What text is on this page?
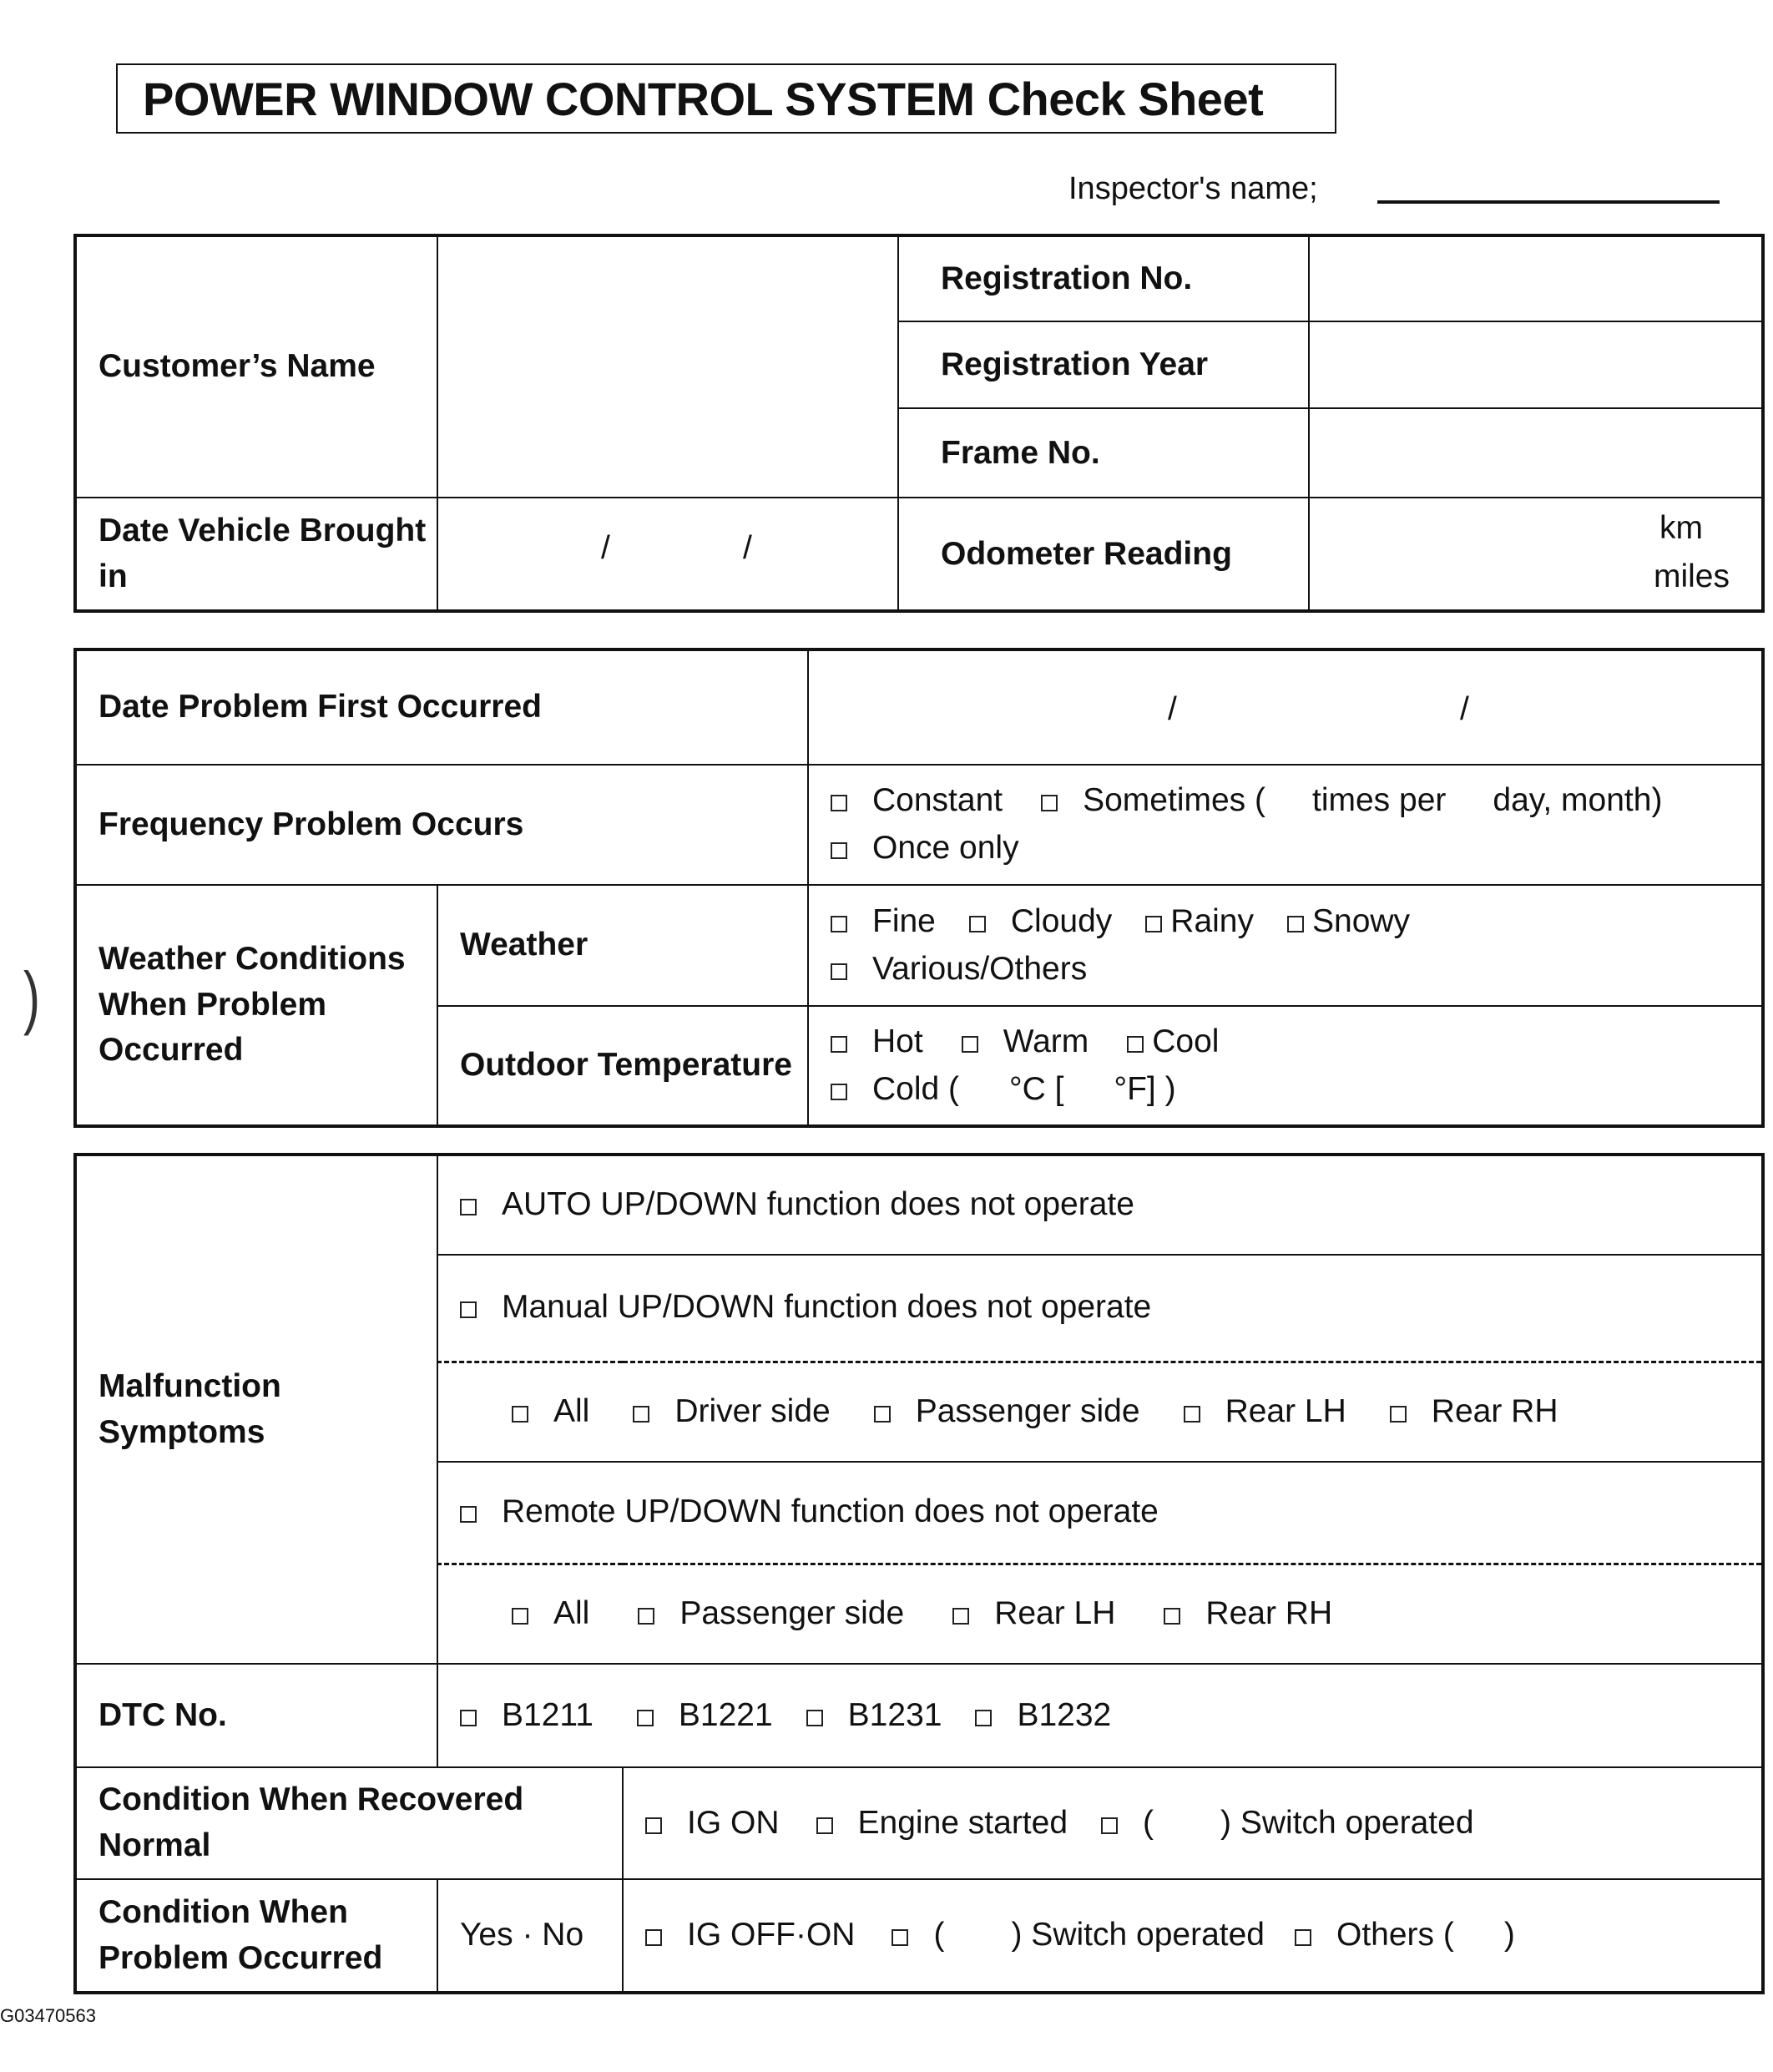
POWER WINDOW CONTROL SYSTEM Check Sheet
Inspector's name;
)
Customer’s Name		Registration No.	
		Registration Year	
		Frame No.	
Date Vehicle Brought in	/ /	Odometer Reading	km
miles
Date Problem First Occurred		/ /

Frequency Problem Occurs		Constant Sometimes ( times per day, month)
Once only

Weather Conditions When Problem Occurred	Weather	Fine Cloudy Rainy Snowy
Various/Others

	Outdoor Temperature	Hot Warm Cool
Cold ( °C [ °F] )
Malfunction Symptoms	AUTO UP/DOWN function does not operate	
	Manual UP/DOWN function does not operate	
	All Driver side Passenger side Rear LH Rear RH	
	Remote UP/DOWN function does not operate	
	All Passenger side Rear LH Rear RH	
DTC No.	B1211 B1221 B1231 B1232	
Condition When Recovered Normal		IG ON Engine started ( ) Switch operated
Condition When Problem Occurred	Yes · No	IG OFF·ON ( ) Switch operated Others ( )
G03470563
